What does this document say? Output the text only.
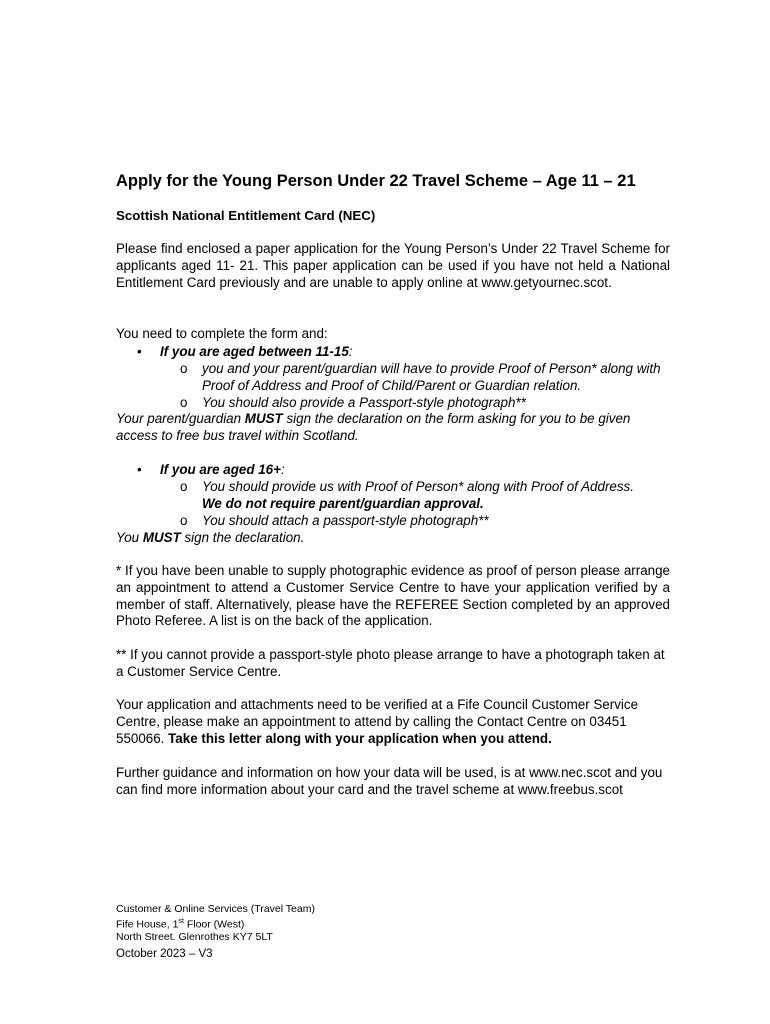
Apply for the Young Person Under 22 Travel Scheme – Age 11 – 21
Scottish National Entitlement Card (NEC)
Please find enclosed a paper application for the Young Person’s Under 22 Travel Scheme for applicants aged 11- 21. This paper application can be used if you have not held a National Entitlement Card previously and are unable to apply online at www.getyournec.scot.
You need to complete the form and:
• If you are aged between 11-15:
o you and your parent/guardian will have to provide Proof of Person* along with Proof of Address and Proof of Child/Parent or Guardian relation.
o You should also provide a Passport-style photograph**
Your parent/guardian MUST sign the declaration on the form asking for you to be given access to free bus travel within Scotland.
• If you are aged 16+:
o You should provide us with Proof of Person* along with Proof of Address.
We do not require parent/guardian approval.
o You should attach a passport-style photograph**
You MUST sign the declaration.
* If you have been unable to supply photographic evidence as proof of person please arrange an appointment to attend a Customer Service Centre to have your application verified by a member of staff. Alternatively, please have the REFEREE Section completed by an approved Photo Referee. A list is on the back of the application.
** If you cannot provide a passport-style photo please arrange to have a photograph taken at a Customer Service Centre.
Your application and attachments need to be verified at a Fife Council Customer Service Centre, please make an appointment to attend by calling the Contact Centre on 03451 550066. Take this letter along with your application when you attend.
Further guidance and information on how your data will be used, is at www.nec.scot and you can find more information about your card and the travel scheme at www.freebus.scot
Customer & Online Services (Travel Team)
Fife House, 1st Floor (West)
North Street. Glenrothes KY7 5LT
October 2023 – V3
